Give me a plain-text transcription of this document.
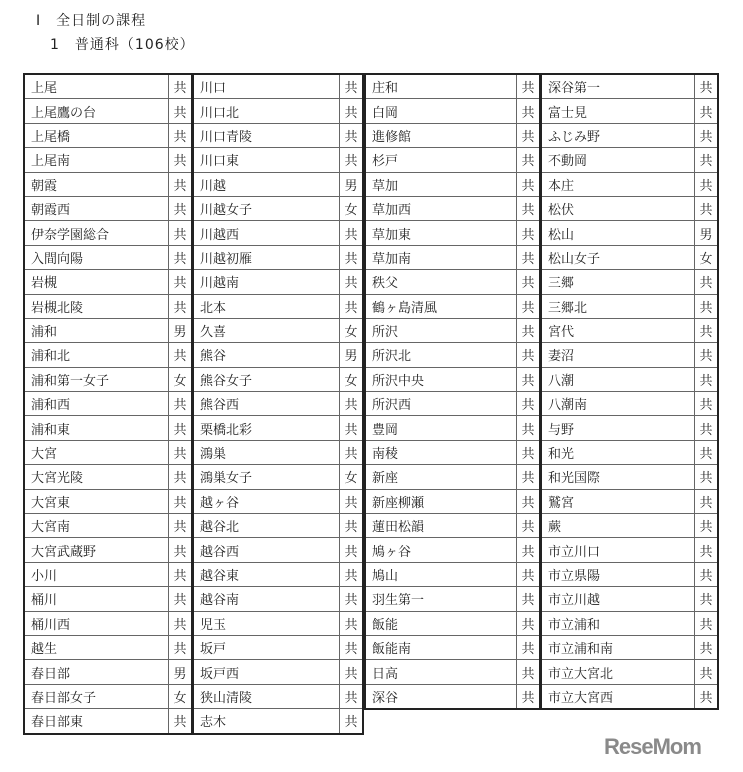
Ⅰ　全日制の課程
1　普通科（106校）
上尾	共
上尾鷹の台	共
上尾橋	共
上尾南	共
朝霞	共
朝霞西	共
伊奈学園総合	共
入間向陽	共
岩槻	共
岩槻北陵	共
浦和	男
浦和北	共
浦和第一女子	女
浦和西	共
浦和東	共
大宮	共
大宮光陵	共
大宮東	共
大宮南	共
大宮武蔵野	共
小川	共
桶川	共
桶川西	共
越生	共
春日部	男
春日部女子	女
春日部東	共
川口	共
川口北	共
川口青陵	共
川口東	共
川越	男
川越女子	女
川越西	共
川越初雁	共
川越南	共
北本	共
久喜	女
熊谷	男
熊谷女子	女
熊谷西	共
栗橋北彩	共
鴻巣	共
鴻巣女子	女
越ヶ谷	共
越谷北	共
越谷西	共
越谷東	共
越谷南	共
児玉	共
坂戸	共
坂戸西	共
狭山清陵	共
志木	共
庄和	共
白岡	共
進修館	共
杉戸	共
草加	共
草加西	共
草加東	共
草加南	共
秩父	共
鶴ヶ島清風	共
所沢	共
所沢北	共
所沢中央	共
所沢西	共
豊岡	共
南稜	共
新座	共
新座柳瀬	共
蓮田松韻	共
鳩ヶ谷	共
鳩山	共
羽生第一	共
飯能	共
飯能南	共
日高	共
深谷	共
深谷第一	共
富士見	共
ふじみ野	共
不動岡	共
本庄	共
松伏	共
松山	男
松山女子	女
三郷	共
三郷北	共
宮代	共
妻沼	共
八潮	共
八潮南	共
与野	共
和光	共
和光国際	共
鷲宮	共
蕨	共
市立川口	共
市立県陽	共
市立川越	共
市立浦和	共
市立浦和南	共
市立大宮北	共
市立大宮西	共
ReseMom
